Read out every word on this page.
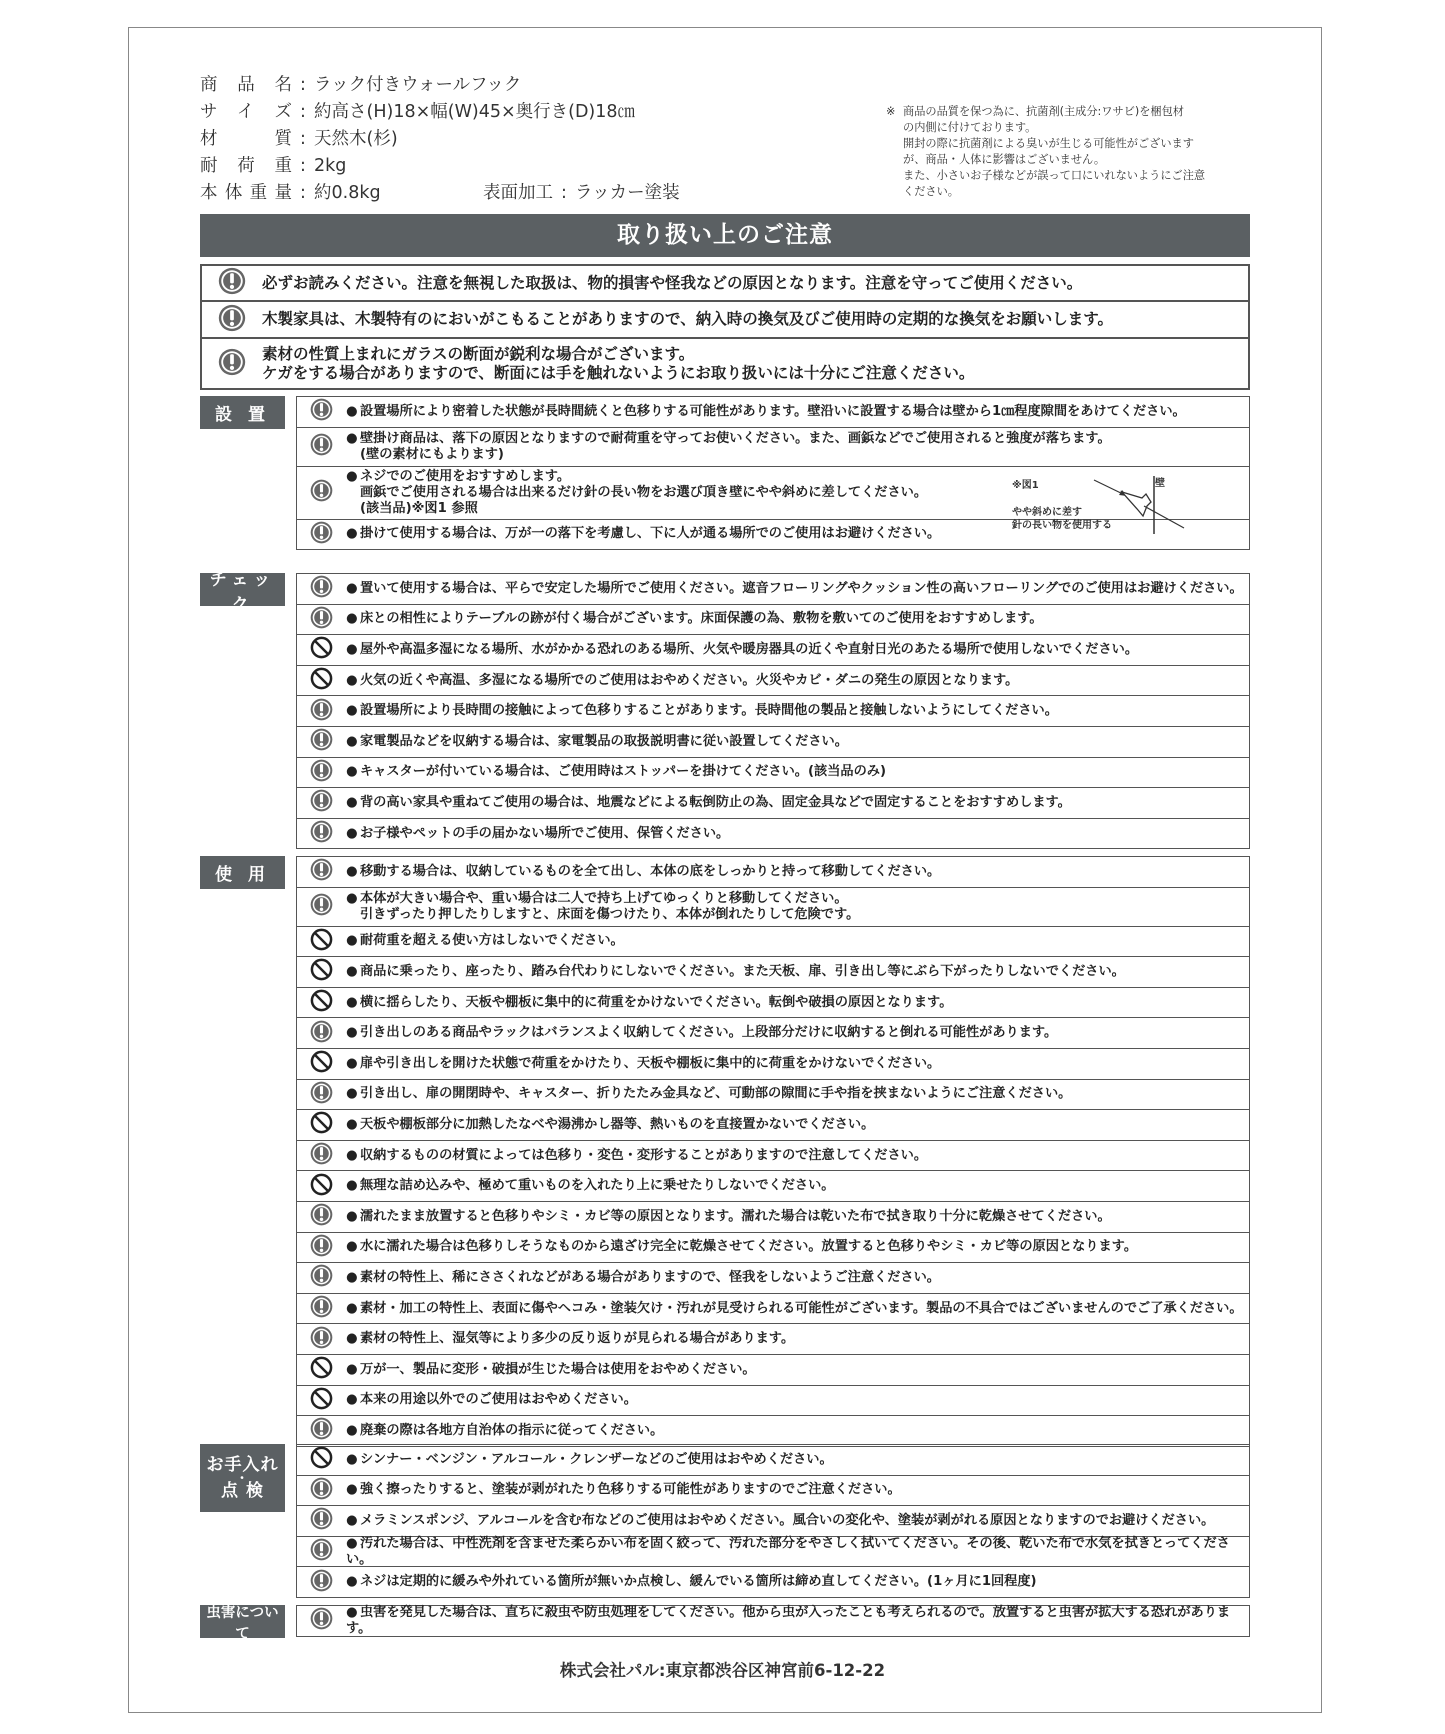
商品名 : ラック付きウォールフック
サイズ : 約高さ(H)18×幅(W)45×奥行き(D)18㎝
材 質 : 天然木(杉)
耐荷重 : 2kg
本体重量 : 約0.8kg	表面加工 : ラッカー塗装
※ 商品の品質を保つ為に、抗菌剤(主成分:ワサビ)を梱包材
の内側に付けております。
開封の際に抗菌剤による臭いが生じる可能性がございます
が、商品・人体に影響はございません。
また、小さいお子様などが誤って口にいれないようにご注意
ください。
取り扱い上のご注意
必ずお読みください。注意を無視した取扱は、物的損害や怪我などの原因となります。注意を守ってご使用ください。
木製家具は、木製特有のにおいがこもることがありますので、納入時の換気及びご使用時の定期的な換気をお願いします。
素材の性質上まれにガラスの断面が鋭利な場合がございます。
ケガをする場合がありますので、断面には手を触れないようにお取り扱いには十分にご注意ください。
設 置	● 設置場所により密着した状態が長時間続くと色移りする可能性があります。壁沿いに設置する場合は壁から1㎝程度隙間をあけてください。
● 壁掛け商品は、落下の原因となりますので耐荷重を守ってお使いください。また、画鋲などでご使用されると強度が落ちます。
(壁の素材にもよります)
● ネジでのご使用をおすすめします。
画鋲でご使用される場合は出来るだけ針の長い物をお選び頂き壁にやや斜めに差してください。
(該当品)※図1 参照
● 掛けて使用する場合は、万が一の落下を考慮し、下に人が通る場所でのご使用はお避けください。
チェック
● 置いて使用する場合は、平らで安定した場所でご使用ください。遮音フローリングやクッション性の高いフローリングでのご使用はお避けください。
● 床との相性によりテーブルの跡が付く場合がございます。床面保護の為、敷物を敷いてのご使用をおすすめします。
● 屋外や高温多湿になる場所、水がかかる恐れのある場所、火気や暖房器具の近くや直射日光のあたる場所で使用しないでください。
● 火気の近くや高温、多湿になる場所でのご使用はおやめください。火災やカビ・ダニの発生の原因となります。
● 設置場所により長時間の接触によって色移りすることがあります。長時間他の製品と接触しないようにしてください。
● 家電製品などを収納する場合は、家電製品の取扱説明書に従い設置してください。
● キャスターが付いている場合は、ご使用時はストッパーを掛けてください。(該当品のみ)
● 背の高い家具や重ねてご使用の場合は、地震などによる転倒防止の為、固定金具などで固定することをおすすめします。
● お子様やペットの手の届かない場所でご使用、保管ください。
使 用	● 移動する場合は、収納しているものを全て出し、本体の底をしっかりと持って移動してください。
● 本体が大きい場合や、重い場合は二人で持ち上げてゆっくりと移動してください。
引きずったり押したりしますと、床面を傷つけたり、本体が倒れたりして危険です。
● 耐荷重を超える使い方はしないでください。
● 商品に乗ったり、座ったり、踏み台代わりにしないでください。また天板、扉、引き出し等にぶら下がったりしないでください。
● 横に揺らしたり、天板や棚板に集中的に荷重をかけないでください。転倒や破損の原因となります。
● 引き出しのある商品やラックはバランスよく収納してください。上段部分だけに収納すると倒れる可能性があります。
● 扉や引き出しを開けた状態で荷重をかけたり、天板や棚板に集中的に荷重をかけないでください。
● 引き出し、扉の開閉時や、キャスター、折りたたみ金具など、可動部の隙間に手や指を挟まないようにご注意ください。
● 天板や棚板部分に加熱したなべや湯沸かし器等、熱いものを直接置かないでください。
● 収納するものの材質によっては色移り・変色・変形することがありますので注意してください。
● 無理な詰め込みや、極めて重いものを入れたり上に乗せたりしないでください。
● 濡れたまま放置すると色移りやシミ・カビ等の原因となります。濡れた場合は乾いた布で拭き取り十分に乾燥させてください。
● 水に濡れた場合は色移りしそうなものから遠ざけ完全に乾燥させてください。放置すると色移りやシミ・カビ等の原因となります。
● 素材の特性上、稀にささくれなどがある場合がありますので、怪我をしないようご注意ください。
● 素材・加工の特性上、表面に傷やヘコみ・塗装欠け・汚れが見受けられる可能性がございます。製品の不具合ではございませんのでご了承ください。
● 素材の特性上、湿気等により多少の反り返りが見られる場合があります。
● 万が一、製品に変形・破損が生じた場合は使用をおやめください。
● 本来の用途以外でのご使用はおやめください。
● 廃棄の際は各地方自治体の指示に従ってください。
お手入れ
・
点 検
● シンナー・ベンジン・アルコール・クレンザーなどのご使用はおやめください。
● 強く擦ったりすると、塗装が剥がれたり色移りする可能性がありますのでご注意ください。
● メラミンスポンジ、アルコールを含む布などのご使用はおやめください。風合いの変化や、塗装が剥がれる原因となりますのでお避けください。
● 汚れた場合は、中性洗剤を含ませた柔らかい布を固く絞って、汚れた部分をやさしく拭いてください。その後、乾いた布で水気を拭きとってください。
● ネジは定期的に緩みや外れている箇所が無いか点検し、緩んでいる箇所は締め直してください。(1ヶ月に1回程度)
虫害について
● 虫害を発見した場合は、直ちに殺虫や防虫処理をしてください。他から虫が入ったことも考えられるので。放置すると虫害が拡大する恐れがあります。
※図1	壁
やや斜めに差す
針の長い物を使用する
株式会社パル:東京都渋谷区神宮前6-12-22
